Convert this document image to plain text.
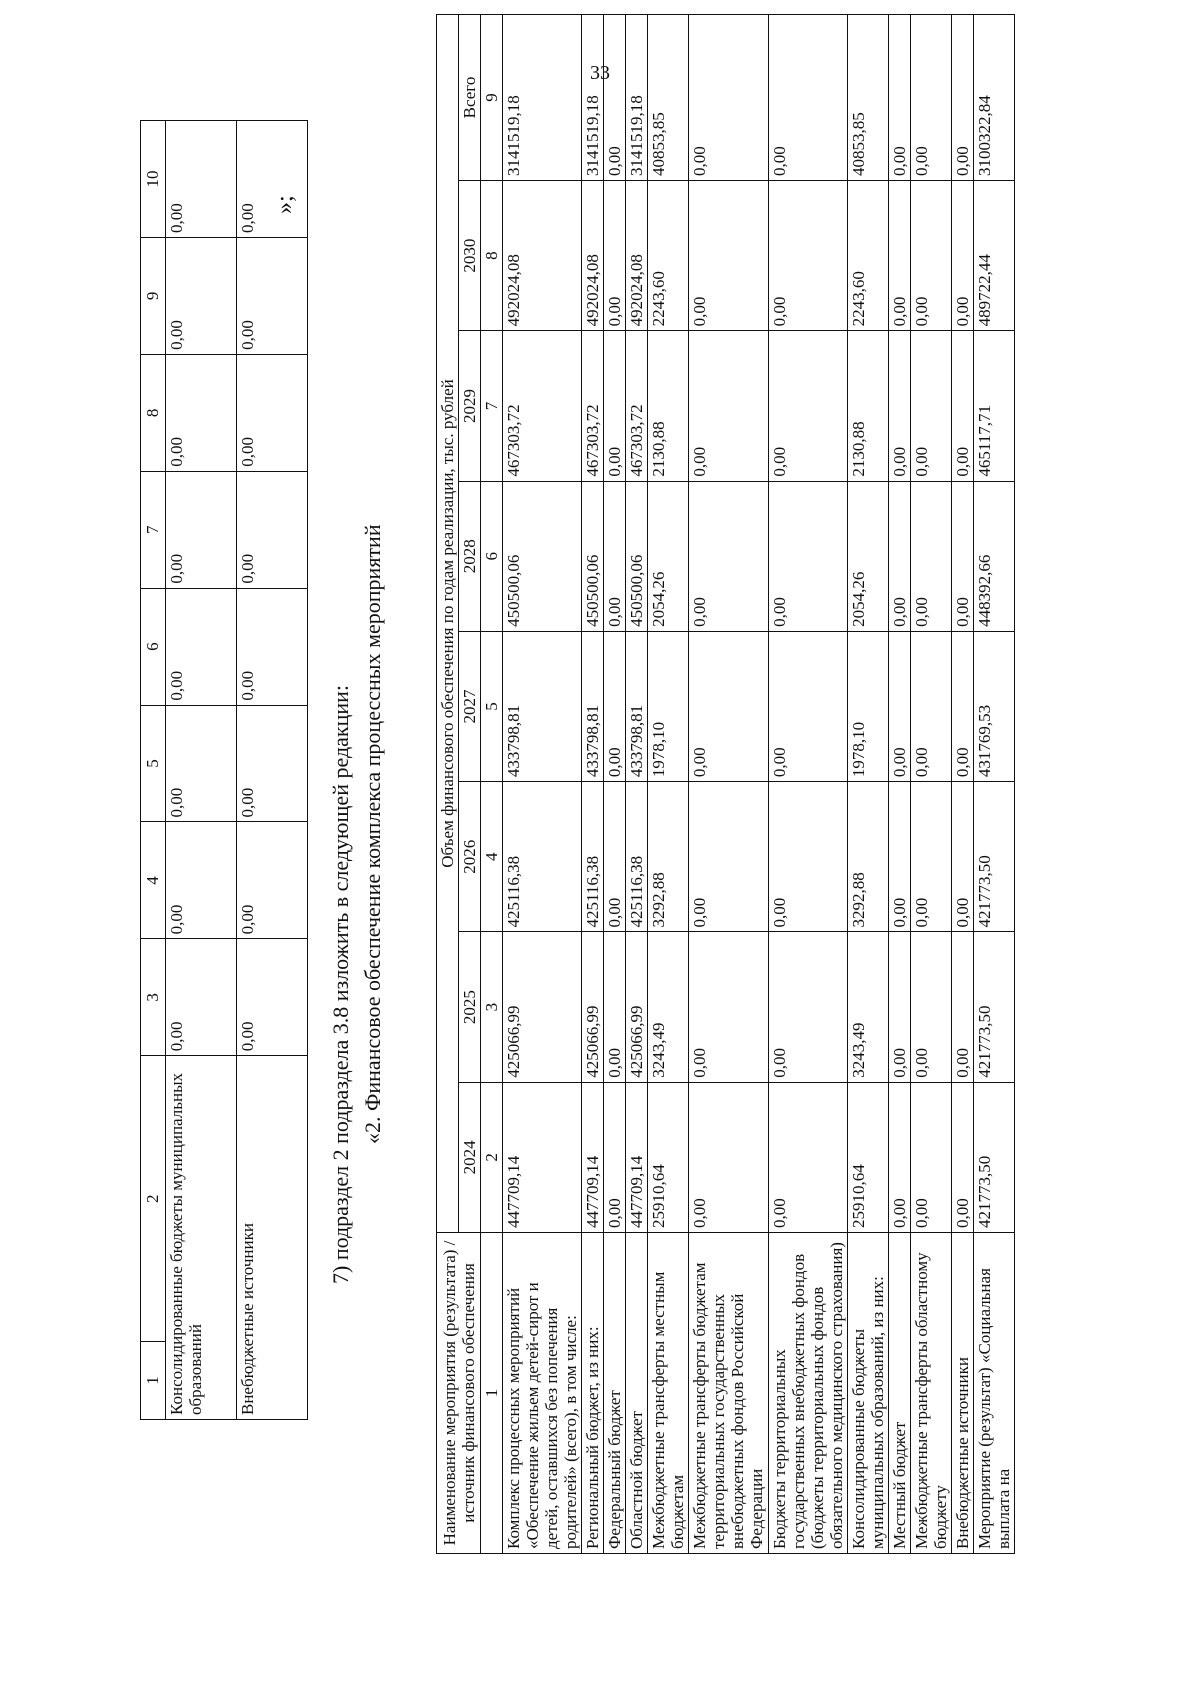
33
1	2	3	4	5	6	7	8	9	10
Консолидированные бюджеты муниципальных образований		0,00	0,00	0,00	0,00	0,00	0,00	0,00	0,00
Внебюджетные источники		0,00	0,00	0,00	0,00	0,00	0,00	0,00	0,00 »;
7) подраздел 2 подраздела 3.8 изложить в следующей редакции: «2. Финансовое обеспечение комплекса процессных мероприятий
Наименование мероприятия (результата) / источник финансового обеспечения	Объем финансового обеспечения по годам реализации, тыс. рублей							
	2024	2025	2026	2027	2028	2029	2030	Всего
1	2	3	4	5	6	7	8	9
Комплекс процессных мероприятий «Обеспечение жильем детей-сирот и детей, оставшихся без попечения родителей» (всего), в том числе:	447709,14	425066,99	425116,38	433798,81	450500,06	467303,72	492024,08	3141519,18
Региональный бюджет, из них:	447709,14	425066,99	425116,38	433798,81	450500,06	467303,72	492024,08	3141519,18
Федеральный бюджет	0,00	0,00	0,00	0,00	0,00	0,00	0,00	0,00
Областной бюджет	447709,14	425066,99	425116,38	433798,81	450500,06	467303,72	492024,08	3141519,18
Межбюджетные трансферты местным бюджетам	25910,64	3243,49	3292,88	1978,10	2054,26	2130,88	2243,60	40853,85
Межбюджетные трансферты бюджетам территориальных государственных внебюджетных фондов Российской Федерации	0,00	0,00	0,00	0,00	0,00	0,00	0,00	0,00
Бюджеты территориальных государственных внебюджетных фондов (бюджеты территориальных фондов обязательного медицинского страхования)	0,00	0,00	0,00	0,00	0,00	0,00	0,00	0,00
Консолидированные бюджеты муниципальных образований, из них:	25910,64	3243,49	3292,88	1978,10	2054,26	2130,88	2243,60	40853,85
Местный бюджет	0,00	0,00	0,00	0,00	0,00	0,00	0,00	0,00
Межбюджетные трансферты областному бюджету	0,00	0,00	0,00	0,00	0,00	0,00	0,00	0,00
Внебюджетные источники	0,00	0,00	0,00	0,00	0,00	0,00	0,00	0,00
Мероприятие (результат) «Социальная выплата на	421773,50	421773,50	421773,50	431769,53	448392,66	465117,71	489722,44	3100322,84
